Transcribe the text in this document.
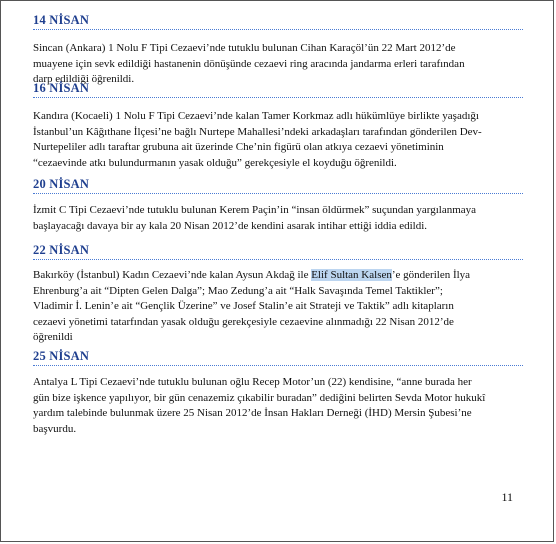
14 NİSAN
Sincan (Ankara) 1 Nolu F Tipi Cezaevi’nde tutuklu bulunan Cihan Karaçöl’ün 22 Mart 2012’de
muayene için sevk edildiği hastanenin dönüşünde cezaevi ring aracında jandarma erleri tarafından
darp edildiği öğrenildi.
16 NİSAN
Kandıra (Kocaeli) 1 Nolu F Tipi Cezaevi’nde kalan Tamer Korkmaz adlı hükümlüye birlikte yaşadığı
İstanbul’un Kâğıthane İlçesi’ne bağlı Nurtepe Mahallesi’ndeki arkadaşları tarafından gönderilen Dev-
Nurtepeliler adlı taraftar grubuna ait üzerinde Che’nin figürü olan atkıya cezaevi yönetiminin
“cezaevinde atkı bulundurmanın yasak olduğu” gerekçesiyle el koyduğu öğrenildi.
20 NİSAN
İzmit C Tipi Cezaevi’nde tutuklu bulunan Kerem Paçin’in “insan öldürmek” suçundan yargılanmaya
başlayacağı davaya bir ay kala 20 Nisan 2012’de kendini asarak intihar ettiği iddia edildi.
22 NİSAN
Bakırköy (İstanbul) Kadın Cezaevi’nde kalan Aysun Akdağ ile Elif Sultan Kalsen’e gönderilen İlya
Ehrenburg’a ait “Dipten Gelen Dalga”; Mao Zedung’a ait “Halk Savaşında Temel Taktikler”;
Vladimir İ. Lenin’e ait “Gençlik Üzerine” ve Josef Stalin’e ait Strateji ve Taktik” adlı kitapların
cezaevi yönetimi tatarfından yasak olduğu gerekçesiyle cezaevine alınmadığı 22 Nisan 2012’de
öğrenildi
25 NİSAN
Antalya L Tipi Cezaevi’nde tutuklu bulunan oğlu Recep Motor’un (22) kendisine, “anne burada her
gün bize işkence yapılıyor, bir gün cenazemiz çıkabilir buradan” dediğini belirten Sevda Motor hukukî
yardım talebinde bulunmak üzere 25 Nisan 2012’de İnsan Hakları Derneği (İHD) Mersin Şubesi’ne
başvurdu.
11
